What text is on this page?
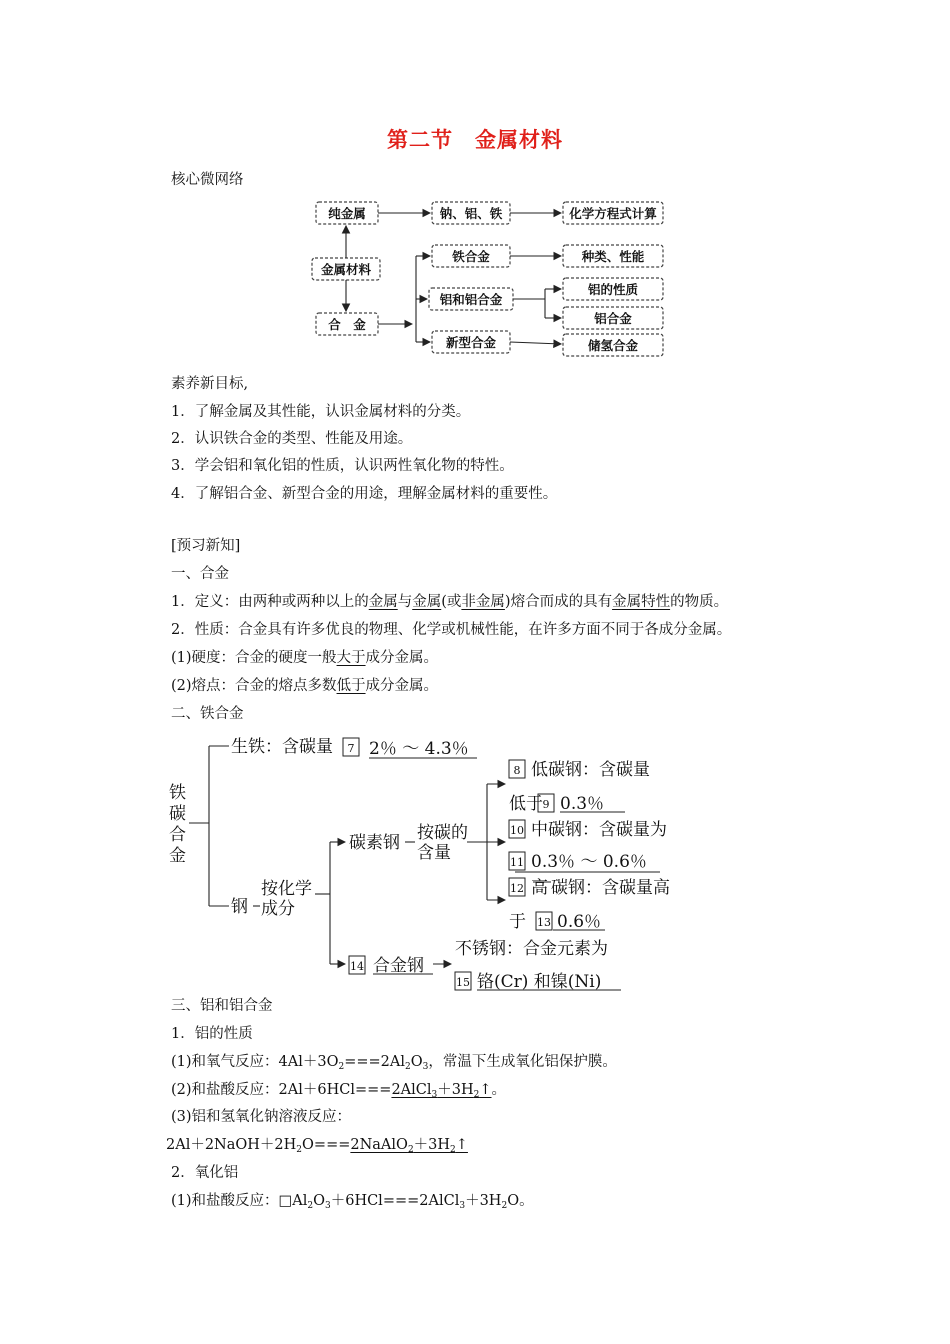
第二节　金属材料
核心微网络
纯金属	钠、铝、铁	化学方程式计算
金属材料
合　金
铁合金	种类、性能
铝和铝合金
铝的性质
铝合金
新型合金	储氢合金
素养新目标,
1．了解金属及其性能，认识金属材料的分类。
2．认识铁合金的类型、性能及用途。
3．学会铝和氧化铝的性质，认识两性氧化物的特性。
4．了解铝合金、新型合金的用途，理解金属材料的重要性。
[预习新知]
一、合金
1．定义：由两种或两种以上的金属与金属(或非金属)熔合而成的具有金属特性的物质。
2．性质：合金具有许多优良的物理、化学或机械性能，在许多方面不同于各成分金属。
(1)硬度：合金的硬度一般大于成分金属。
(2)熔点：合金的熔点多数低于成分金属。
二、铁合金
7
8
9
10
11
12
13
14
15
铁
碳
合
金
生铁：含碳量 2％ ～ 4.3％
钢
按化学
成分
碳素钢 按碳的
含量
低碳钢：含碳量
低于 0.3％
中碳钢：含碳量为
0.3％ ～ 0.6％
高 碳钢：含碳量高
于 0.6％
合金钢
不锈钢：合金元素为
铬(Cr) 和镍(Ni)
三、铝和铝合金
1．铝的性质
(1)和氧气反应：$4Al+3O_2===2Al_2O_3$，常温下生成氧化铝保护膜。
(2)和盐酸反应：$2Al+6HCl===2AlCl_3+3H_2↑$。
(3)铝和氢氧化钠溶液反应：
$2Al+2NaOH+2H_2O===2NaAlO_2+3H_2↑$
2．氧化铝
(1)和盐酸反应：$□Al_2O_3+6HCl===2AlCl_3+3H_2O$。
